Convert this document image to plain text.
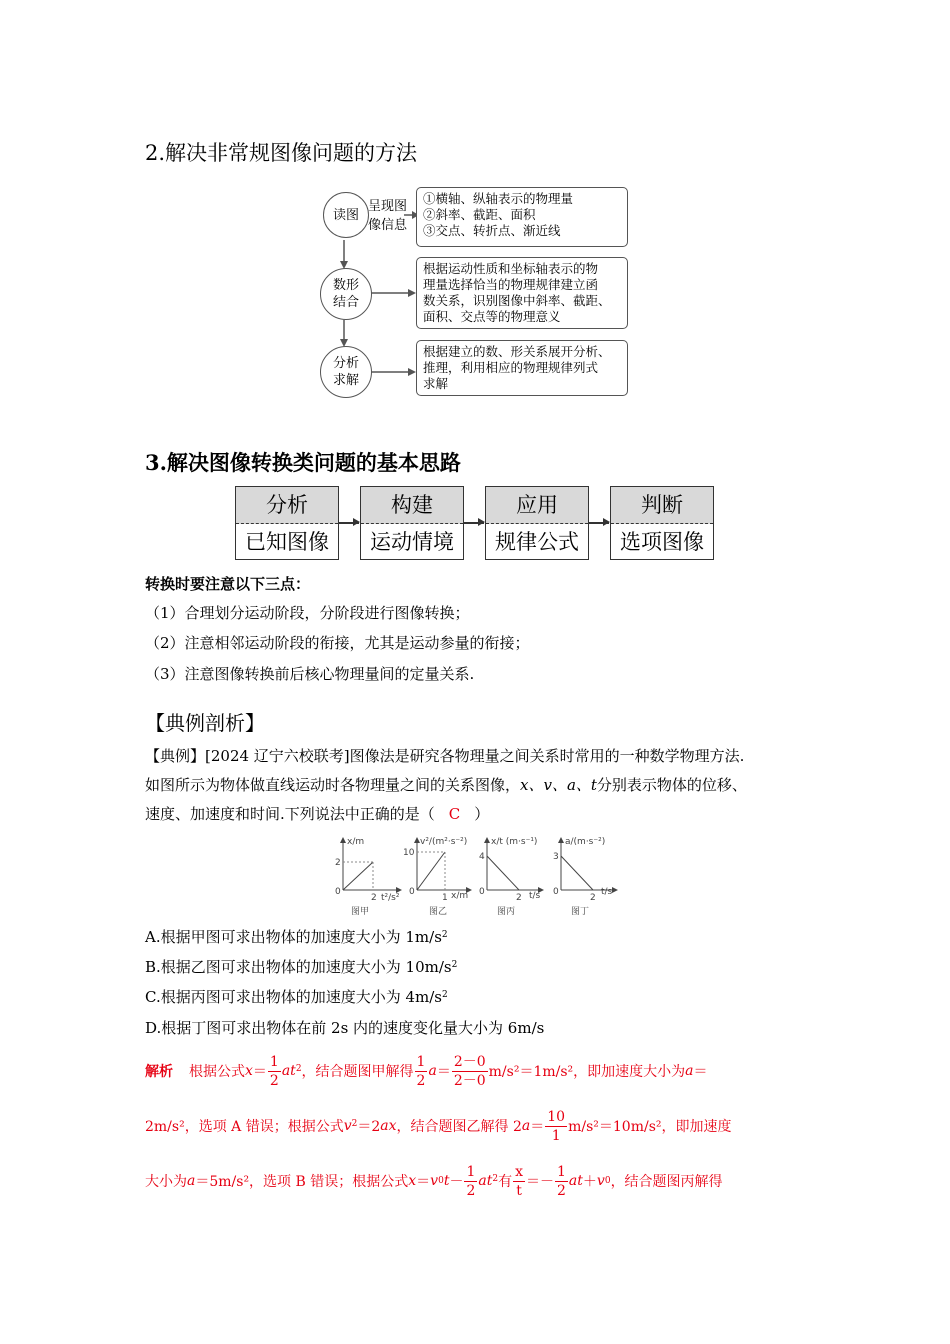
2.解决非常规图像问题的方法
读图
呈现图
像信息
①横轴、纵轴表示的物理量
②斜率、截距、面积
③交点、转折点、渐近线
数形
结合
根据运动性质和坐标轴表示的物
理量选择恰当的物理规律建立函
数关系，识别图像中斜率、截距、
面积、交点等的物理意义
分析
求解
根据建立的数、形关系展开分析、
推理，利用相应的物理规律列式
求解
3.解决图像转换类问题的基本思路
分析
已知图像
构建
运动情境
应用
规律公式
判断
选项图像
转换时要注意以下三点：
（1）合理划分运动阶段，分阶段进行图像转换；
（2）注意相邻运动阶段的衔接，尤其是运动参量的衔接；
（3）注意图像转换前后核心物理量间的定量关系.
【典例剖析】
【典例】[2024 辽宁六校联考]图像法是研究各物理量之间关系时常用的一种数学物理方法.
如图所示为物体做直线运动时各物理量之间的关系图像，x、v、a、t分别表示物体的位移、
速度、加速度和时间.下列说法中正确的是（ C ）
x/m
t²/s²
2
2
0
图甲
v²/(m²·s⁻²)
x/m
10
1
0
图乙
x/t (m·s⁻¹)
t/s
4
2
0
图丙
a/(m·s⁻²)
t/s
3
2
0
图丁
A.根据甲图可求出物体的加速度大小为 $1m/s^2$
B.根据乙图可求出物体的加速度大小为 $10m/s^2$
C.根据丙图可求出物体的加速度大小为 $4m/s^2$
D.根据丁图可求出物体在前 2s 内的速度变化量大小为 6m/s
解析 根据公式 $x = \frac{1}{2} at^2$ ，结合题图甲解得 $\frac{1}{2}$ $a = \frac{2-0}{2-0} m/s^2=1m/s^2$，即加速度大小为 a ＝
2m/s²，选项 A 错误；根据公式 $v^2 =2$ ax ，结合题图乙解得 2 $a = \frac{10}{1} m/s^2=10m/s^2$，即加速度
大小为 a ＝5m/s²，选项 B 错误；根据公式 x ＝ v 0 $t - \frac{1}{2} at^2$ 有 $\frac{x}{t} =- \frac{1}{2}$ at ＋ v 0 ，结合题图丙解得
